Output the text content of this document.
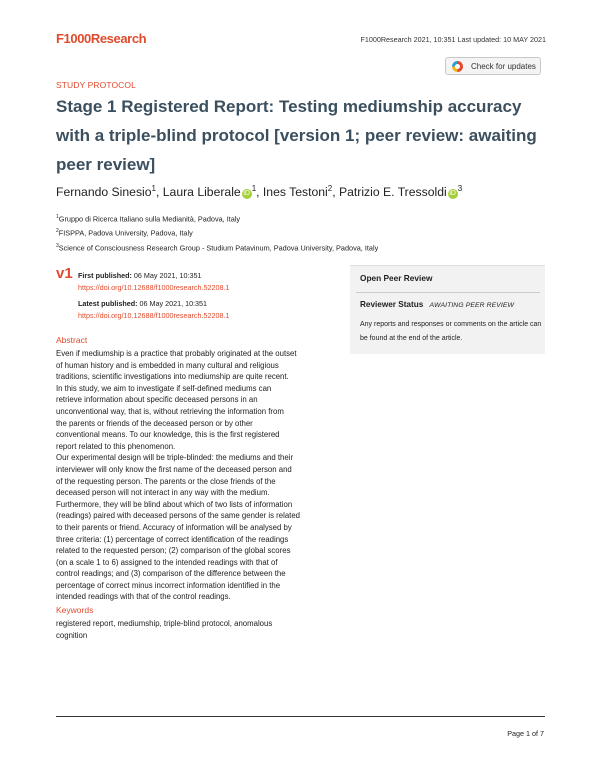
F1000Research	F1000Research 2021, 10:351 Last updated: 10 MAY 2021
STUDY PROTOCOL
Check for updates
Stage 1 Registered Report: Testing mediumship accuracy with a triple-blind protocol [version 1; peer review: awaiting peer review]
Fernando Sinesio$^1$, Laura Liberale $iD^1$, Ines Testoni$^2$, Patrizio E. Tressoldi $iD^3$
$^1$Gruppo di Ricerca Italiano sulla Medianità, Padova, Italy
$^2$FISPPA, Padova University, Padova, Italy
$^3$Science of Consciousness Research Group - Studium Patavinum, Padova University, Padova, Italy
v1 First published: 06 May 2021, 10:351
https://doi.org/10.12688/f1000research.52208.1
Latest published: 06 May 2021, 10:351
https://doi.org/10.12688/f1000research.52208.1
Open Peer Review
Reviewer Status AWAITING PEER REVIEW
Any reports and responses or comments on the article can be found at the end of the article.
Abstract

Even if mediumship is a practice that probably originated at the outset

of human history and is embedded in many cultural and religious

traditions, scientific investigations into mediumship are quite recent.

In this study, we aim to investigate if self-defined mediums can

retrieve information about specific deceased persons in an

unconventional way, that is, without retrieving the information from

the parents or friends of the deceased person or by other

conventional means. To our knowledge, this is the first registered

report related to this phenomenon.

Our experimental design will be triple-blinded: the mediums and their

interviewer will only know the first name of the deceased person and

of the requesting person. The parents or the close friends of the

deceased person will not interact in any way with the medium.

Furthermore, they will be blind about which of two lists of information

(readings) paired with deceased persons of the same gender is related

to their parents or friend. Accuracy of information will be analysed by

three criteria: (1) percentage of correct identification of the readings

related to the requested person; (2) comparison of the global scores

(on a scale 1 to 6) assigned to the intended readings with that of

control readings; and (3) comparison of the difference between the

percentage of correct minus incorrect information identified in the

intended readings with that of the control readings.

Keywords

registered report, mediumship, triple-blind protocol, anomalous

cognition

Page 1 of 7
